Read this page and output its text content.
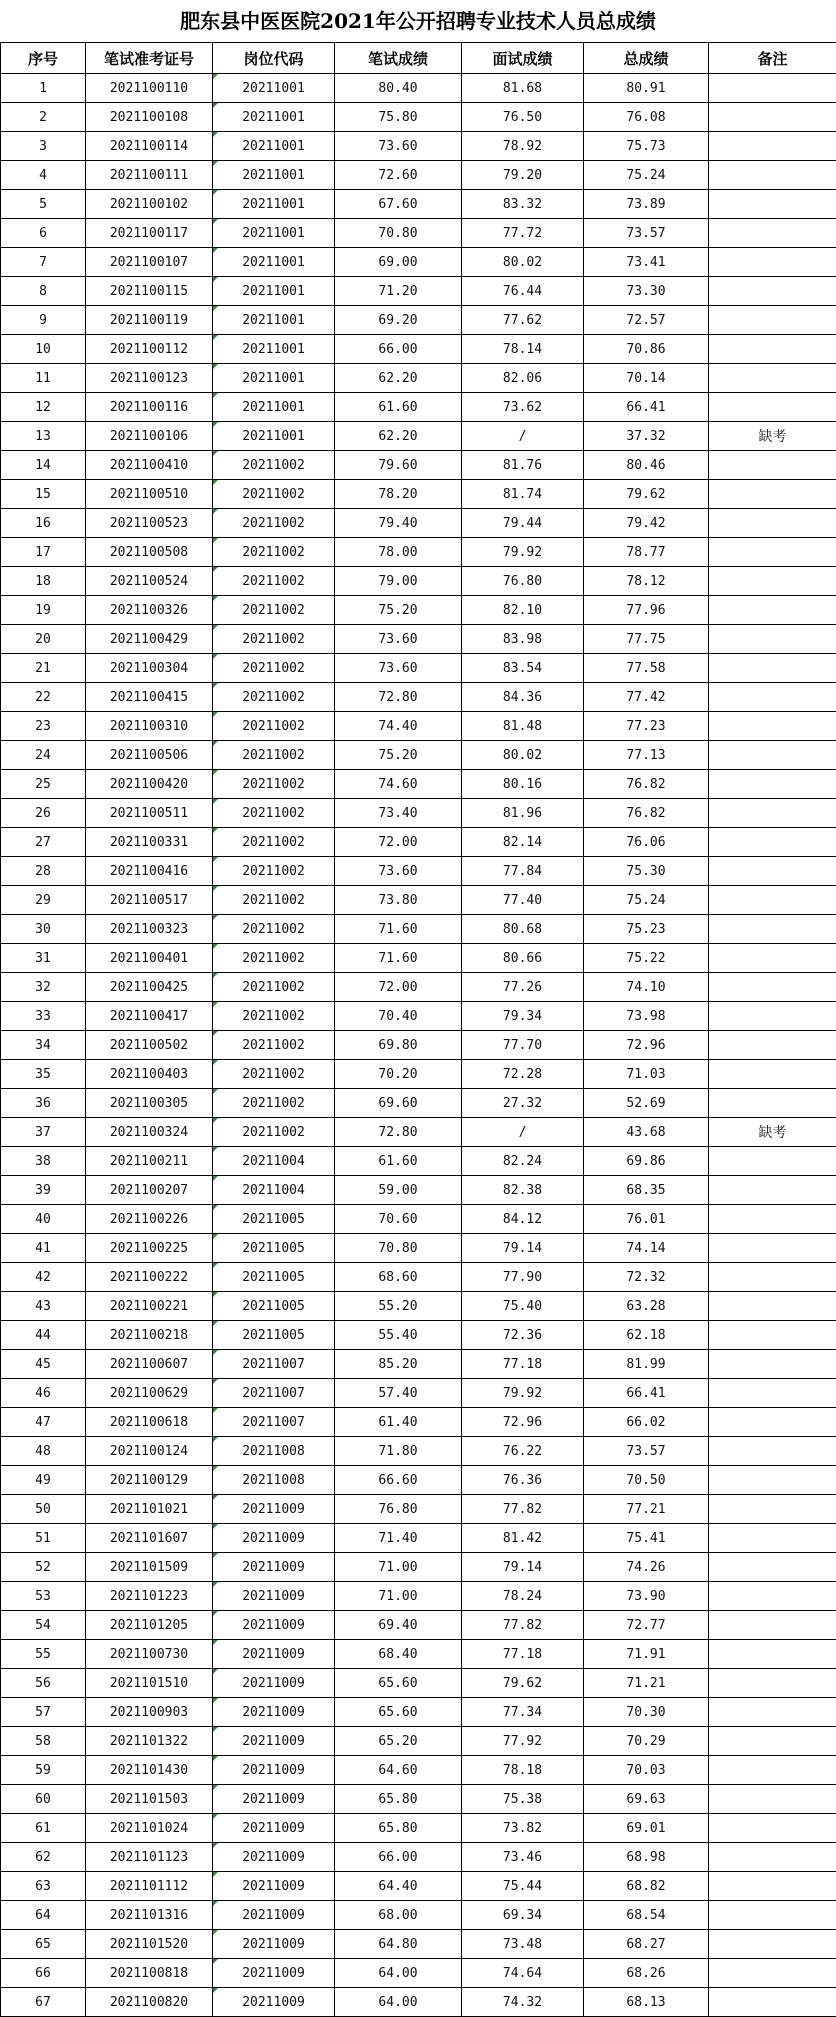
肥东县中医医院2021年公开招聘专业技术人员总成绩
序号	笔试准考证号	岗位代码	笔试成绩	面试成绩	总成绩	备注
1	2021100110	20211001	80.40	81.68	80.91	
2	2021100108	20211001	75.80	76.50	76.08	
3	2021100114	20211001	73.60	78.92	75.73	
4	2021100111	20211001	72.60	79.20	75.24	
5	2021100102	20211001	67.60	83.32	73.89	
6	2021100117	20211001	70.80	77.72	73.57	
7	2021100107	20211001	69.00	80.02	73.41	
8	2021100115	20211001	71.20	76.44	73.30	
9	2021100119	20211001	69.20	77.62	72.57	
10	2021100112	20211001	66.00	78.14	70.86	
11	2021100123	20211001	62.20	82.06	70.14	
12	2021100116	20211001	61.60	73.62	66.41	
13	2021100106	20211001	62.20	/	37.32	缺考
14	2021100410	20211002	79.60	81.76	80.46	
15	2021100510	20211002	78.20	81.74	79.62	
16	2021100523	20211002	79.40	79.44	79.42	
17	2021100508	20211002	78.00	79.92	78.77	
18	2021100524	20211002	79.00	76.80	78.12	
19	2021100326	20211002	75.20	82.10	77.96	
20	2021100429	20211002	73.60	83.98	77.75	
21	2021100304	20211002	73.60	83.54	77.58	
22	2021100415	20211002	72.80	84.36	77.42	
23	2021100310	20211002	74.40	81.48	77.23	
24	2021100506	20211002	75.20	80.02	77.13	
25	2021100420	20211002	74.60	80.16	76.82	
26	2021100511	20211002	73.40	81.96	76.82	
27	2021100331	20211002	72.00	82.14	76.06	
28	2021100416	20211002	73.60	77.84	75.30	
29	2021100517	20211002	73.80	77.40	75.24	
30	2021100323	20211002	71.60	80.68	75.23	
31	2021100401	20211002	71.60	80.66	75.22	
32	2021100425	20211002	72.00	77.26	74.10	
33	2021100417	20211002	70.40	79.34	73.98	
34	2021100502	20211002	69.80	77.70	72.96	
35	2021100403	20211002	70.20	72.28	71.03	
36	2021100305	20211002	69.60	27.32	52.69	
37	2021100324	20211002	72.80	/	43.68	缺考
38	2021100211	20211004	61.60	82.24	69.86	
39	2021100207	20211004	59.00	82.38	68.35	
40	2021100226	20211005	70.60	84.12	76.01	
41	2021100225	20211005	70.80	79.14	74.14	
42	2021100222	20211005	68.60	77.90	72.32	
43	2021100221	20211005	55.20	75.40	63.28	
44	2021100218	20211005	55.40	72.36	62.18	
45	2021100607	20211007	85.20	77.18	81.99	
46	2021100629	20211007	57.40	79.92	66.41	
47	2021100618	20211007	61.40	72.96	66.02	
48	2021100124	20211008	71.80	76.22	73.57	
49	2021100129	20211008	66.60	76.36	70.50	
50	2021101021	20211009	76.80	77.82	77.21	
51	2021101607	20211009	71.40	81.42	75.41	
52	2021101509	20211009	71.00	79.14	74.26	
53	2021101223	20211009	71.00	78.24	73.90	
54	2021101205	20211009	69.40	77.82	72.77	
55	2021100730	20211009	68.40	77.18	71.91	
56	2021101510	20211009	65.60	79.62	71.21	
57	2021100903	20211009	65.60	77.34	70.30	
58	2021101322	20211009	65.20	77.92	70.29	
59	2021101430	20211009	64.60	78.18	70.03	
60	2021101503	20211009	65.80	75.38	69.63	
61	2021101024	20211009	65.80	73.82	69.01	
62	2021101123	20211009	66.00	73.46	68.98	
63	2021101112	20211009	64.40	75.44	68.82	
64	2021101316	20211009	68.00	69.34	68.54	
65	2021101520	20211009	64.80	73.48	68.27	
66	2021100818	20211009	64.00	74.64	68.26	
67	2021100820	20211009	64.00	74.32	68.13	
